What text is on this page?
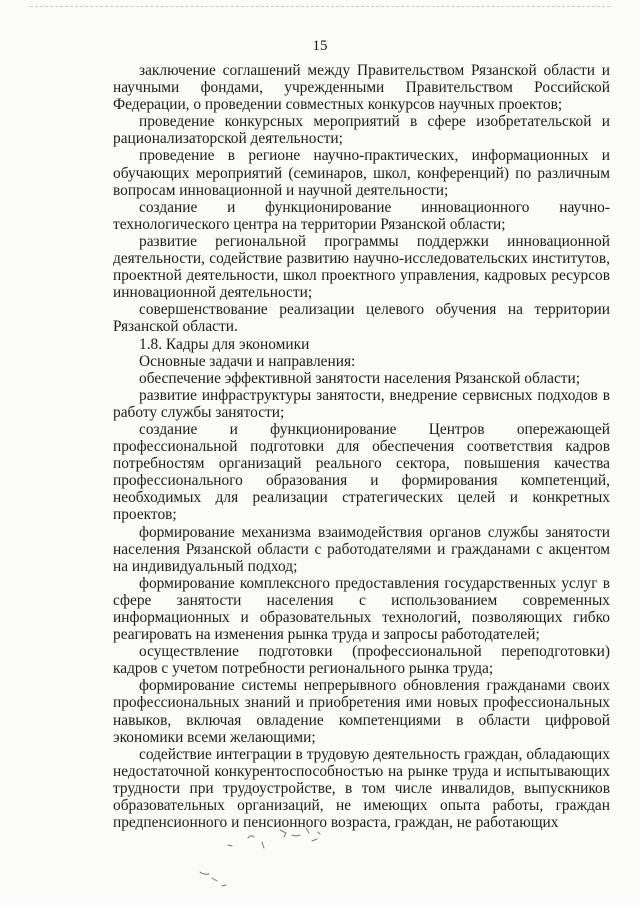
15

заключение соглашений между Правительством Рязанской области и научными фондами, учрежденными Правительством Российской Федерации, о проведении совместных конкурсов научных проектов;

проведение конкурсных мероприятий в сфере изобретательской и рационализаторской деятельности;

проведение в регионе научно-практических, информационных и обучающих мероприятий (семинаров, школ, конференций) по различным вопросам инновационной и научной деятельности;

создание и функционирование инновационного научно-технологического центра на территории Рязанской области;

развитие региональной программы поддержки инновационной деятельности, содействие развитию научно-исследовательских институтов, проектной деятельности, школ проектного управления, кадровых ресурсов инновационной деятельности;

совершенствование реализации целевого обучения на территории Рязанской области.

1.8. Кадры для экономики

Основные задачи и направления:

обеспечение эффективной занятости населения Рязанской области;

развитие инфраструктуры занятости, внедрение сервисных подходов в работу службы занятости;

создание и функционирование Центров опережающей профессиональной подготовки для обеспечения соответствия кадров потребностям организаций реального сектора, повышения качества профессионального образования и формирования компетенций, необходимых для реализации стратегических целей и конкретных проектов;

формирование механизма взаимодействия органов службы занятости населения Рязанской области с работодателями и гражданами с акцентом на индивидуальный подход;

формирование комплексного предоставления государственных услуг в сфере занятости населения с использованием современных информационных и образовательных технологий, позволяющих гибко реагировать на изменения рынка труда и запросы работодателей;

осуществление подготовки (профессиональной переподготовки) кадров с учетом потребности регионального рынка труда;

формирование системы непрерывного обновления гражданами своих профессиональных знаний и приобретения ими новых профессиональных навыков, включая овладение компетенциями в области цифровой экономики всеми желающими;

содействие интеграции в трудовую деятельность граждан, обладающих недостаточной конкурентоспособностью на рынке труда и испытывающих трудности при трудоустройстве, в том числе инвалидов, выпускников образовательных организаций, не имеющих опыта работы, граждан предпенсионного и пенсионного возраста, граждан, не работающих
